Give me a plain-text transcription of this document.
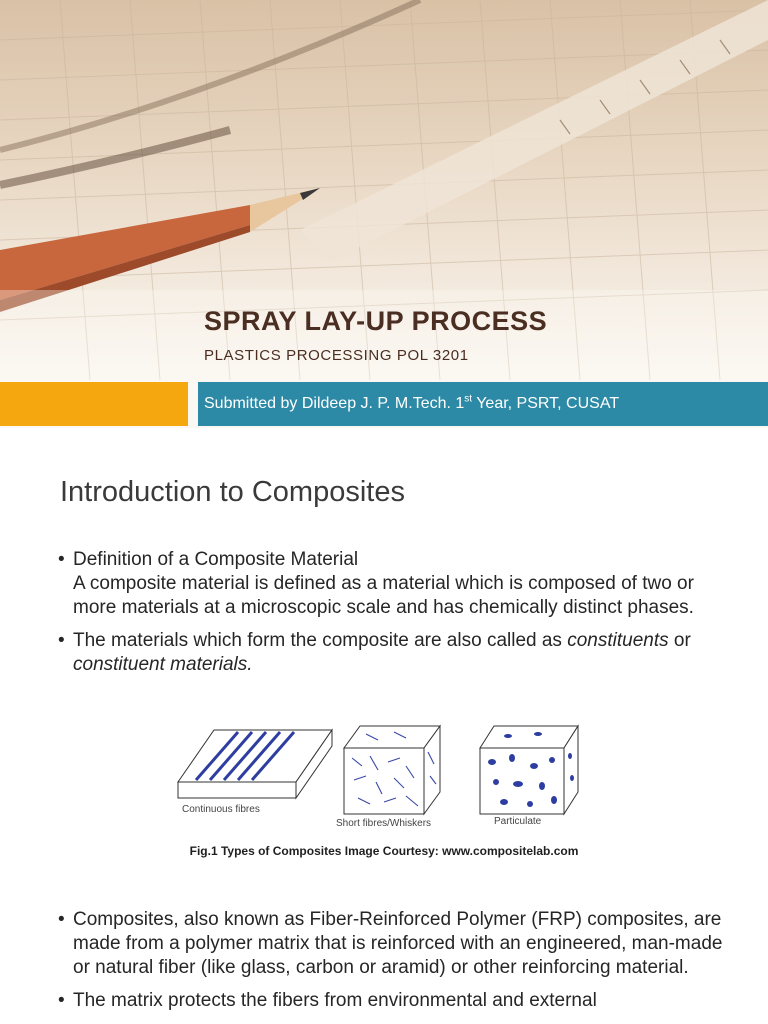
SPRAY LAY-UP PROCESS
PLASTICS PROCESSING POL 3201
Submitted by Dildeep J. P. M.Tech. 1st Year, PSRT, CUSAT
Introduction to Composites
• Definition of a Composite Material
A composite material is defined as a material which is composed of two or more materials at a microscopic scale and has chemically distinct phases.
• The materials which form the composite are also called as constituents or constituent materials.
Continuous fibres
Short fibres/Whiskers	Particulate
Fig.1 Types of Composites Image Courtesy: www.compositelab.com
• Composites, also known as Fiber-Reinforced Polymer (FRP) composites, are made from a polymer matrix that is reinforced with an engineered, man-made or natural fiber (like glass, carbon or aramid) or other reinforcing material.
• The matrix protects the fibers from environmental and external
